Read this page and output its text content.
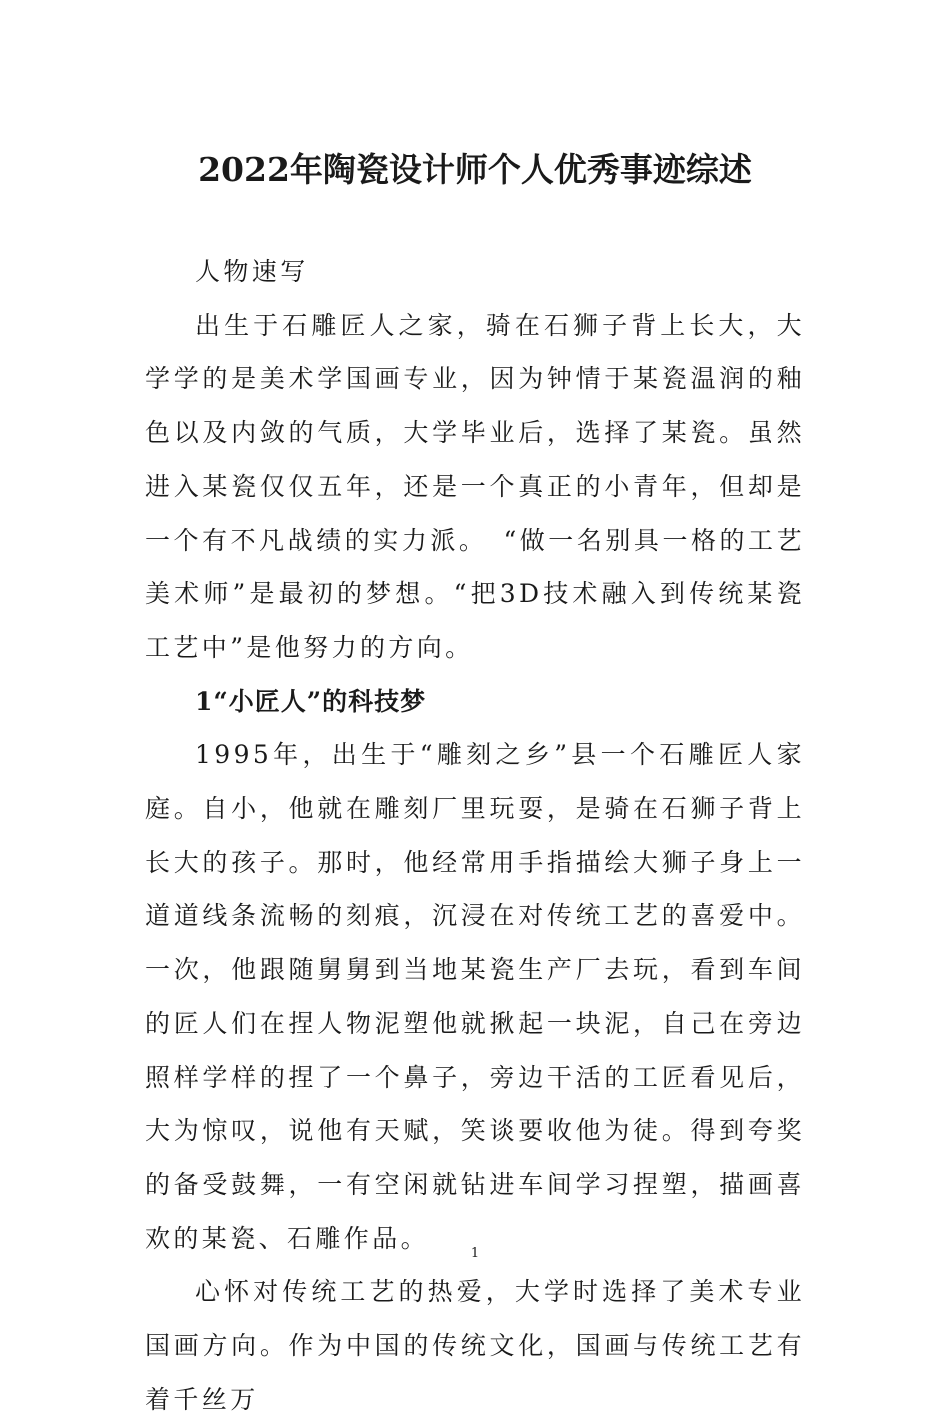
2022年陶瓷设计师个人优秀事迹综述

人物速写

出生于石雕匠人之家，骑在石狮子背上长大，大学学的是美术学国画专业，因为钟情于某瓷温润的釉色以及内敛的气质，大学毕业后，选择了某瓷。虽然进入某瓷仅仅五年，还是一个真正的小青年，但却是一个有不凡战绩的实力派。　“做一名别具一格的工艺美术师”是最初的梦想。“把3D技术融入到传统某瓷工艺中”是他努力的方向。

1“小匠人”的科技梦

1995年，出生于“雕刻之乡”县一个石雕匠人家庭。自小，他就在雕刻厂里玩耍，是骑在石狮子背上长大的孩子。那时，他经常用手指描绘大狮子身上一道道线条流畅的刻痕，沉浸在对传统工艺的喜爱中。一次，他跟随舅舅到当地某瓷生产厂去玩，看到车间的匠人们在捏人物泥塑他就揪起一块泥，自己在旁边照样学样的捏了一个鼻子，旁边干活的工匠看见后，大为惊叹，说他有天赋，笑谈要收他为徒。得到夸奖的备受鼓舞，一有空闲就钻进车间学习捏塑，描画喜欢的某瓷、石雕作品。

心怀对传统工艺的热爱，大学时选择了美术专业国画方向。作为中国的传统文化，国画与传统工艺有着千丝万

1
